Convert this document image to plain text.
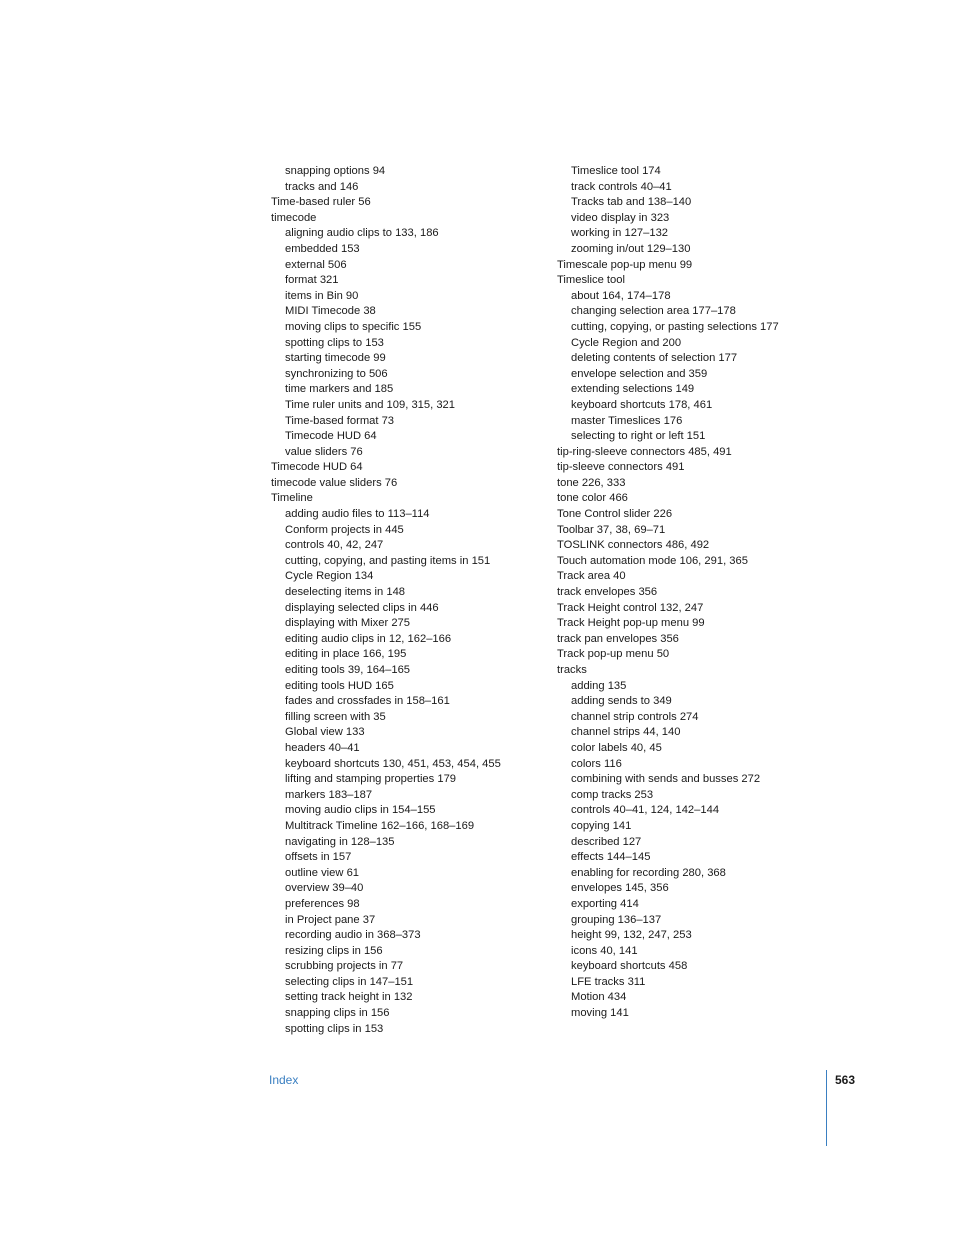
snapping options 94
tracks and 146
Time-based ruler 56
timecode
aligning audio clips to 133, 186
embedded 153
external 506
format 321
items in Bin 90
MIDI Timecode 38
moving clips to specific 155
spotting clips to 153
starting timecode 99
synchronizing to 506
time markers and 185
Time ruler units and 109, 315, 321
Time-based format 73
Timecode HUD 64
value sliders 76
Timecode HUD 64
timecode value sliders 76
Timeline
adding audio files to 113–114
Conform projects in 445
controls 40, 42, 247
cutting, copying, and pasting items in 151
Cycle Region 134
deselecting items in 148
displaying selected clips in 446
displaying with Mixer 275
editing audio clips in 12, 162–166
editing in place 166, 195
editing tools 39, 164–165
editing tools HUD 165
fades and crossfades in 158–161
filling screen with 35
Global view 133
headers 40–41
keyboard shortcuts 130, 451, 453, 454, 455
lifting and stamping properties 179
markers 183–187
moving audio clips in 154–155
Multitrack Timeline 162–166, 168–169
navigating in 128–135
offsets in 157
outline view 61
overview 39–40
preferences 98
in Project pane 37
recording audio in 368–373
resizing clips in 156
scrubbing projects in 77
selecting clips in 147–151
setting track height in 132
snapping clips in 156
spotting clips in 153
Timeslice tool 174
track controls 40–41
Tracks tab and 138–140
video display in 323
working in 127–132
zooming in/out 129–130
Timescale pop-up menu 99
Timeslice tool
about 164, 174–178
changing selection area 177–178
cutting, copying, or pasting selections 177
Cycle Region and 200
deleting contents of selection 177
envelope selection and 359
extending selections 149
keyboard shortcuts 178, 461
master Timeslices 176
selecting to right or left 151
tip-ring-sleeve connectors 485, 491
tip-sleeve connectors 491
tone 226, 333
tone color 466
Tone Control slider 226
Toolbar 37, 38, 69–71
TOSLINK connectors 486, 492
Touch automation mode 106, 291, 365
Track area 40
track envelopes 356
Track Height control 132, 247
Track Height pop-up menu 99
track pan envelopes 356
Track pop-up menu 50
tracks
adding 135
adding sends to 349
channel strip controls 274
channel strips 44, 140
color labels 40, 45
colors 116
combining with sends and busses 272
comp tracks 253
controls 40–41, 124, 142–144
copying 141
described 127
effects 144–145
enabling for recording 280, 368
envelopes 145, 356
exporting 414
grouping 136–137
height 99, 132, 247, 253
icons 40, 141
keyboard shortcuts 458
LFE tracks 311
Motion 434
moving 141
Index	563
